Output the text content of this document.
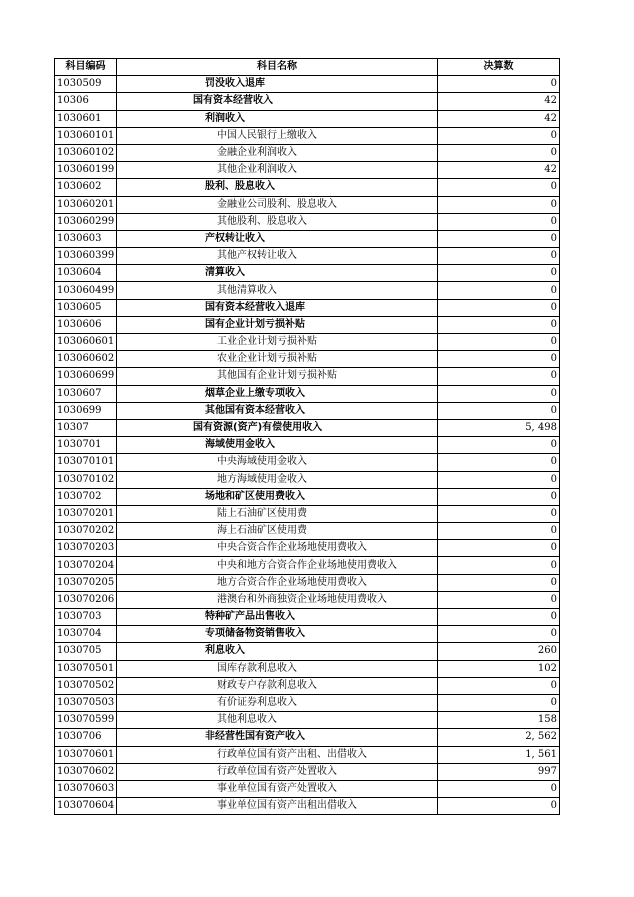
科目编码	科目名称	决算数
1030509	罚没收入退库	0
10306	国有资本经营收入	42
1030601	利润收入	42
103060101	中国人民银行上缴收入	0
103060102	金融企业利润收入	0
103060199	其他企业利润收入	42
1030602	股利、股息收入	0
103060201	金融业公司股利、股息收入	0
103060299	其他股利、股息收入	0
1030603	产权转让收入	0
103060399	其他产权转让收入	0
1030604	清算收入	0
103060499	其他清算收入	0
1030605	国有资本经营收入退库	0
1030606	国有企业计划亏损补贴	0
103060601	工业企业计划亏损补贴	0
103060602	农业企业计划亏损补贴	0
103060699	其他国有企业计划亏损补贴	0
1030607	烟草企业上缴专项收入	0
1030699	其他国有资本经营收入	0
10307	国有资源(资产)有偿使用收入	5, 498
1030701	海域使用金收入	0
103070101	中央海域使用金收入	0
103070102	地方海域使用金收入	0
1030702	场地和矿区使用费收入	0
103070201	陆上石油矿区使用费	0
103070202	海上石油矿区使用费	0
103070203	中央合资合作企业场地使用费收入	0
103070204	中央和地方合资合作企业场地使用费收入	0
103070205	地方合资合作企业场地使用费收入	0
103070206	港澳台和外商独资企业场地使用费收入	0
1030703	特种矿产品出售收入	0
1030704	专项储备物资销售收入	0
1030705	利息收入	260
103070501	国库存款利息收入	102
103070502	财政专户存款利息收入	0
103070503	有价证券利息收入	0
103070599	其他利息收入	158
1030706	非经营性国有资产收入	2, 562
103070601	行政单位国有资产出租、出借收入	1, 561
103070602	行政单位国有资产处置收入	997
103070603	事业单位国有资产处置收入	0
103070604	事业单位国有资产出租出借收入	0
